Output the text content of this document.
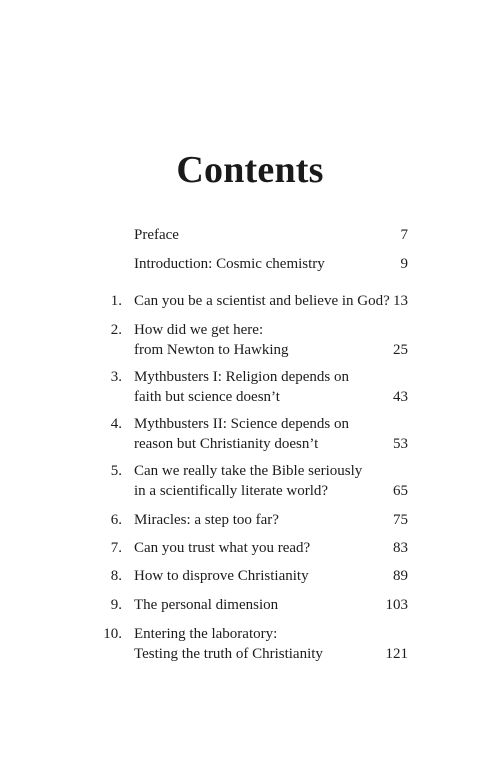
Contents
Preface	7
Introduction: Cosmic chemistry	9
1. Can you be a scientist and believe in God? 13
2. How did we get here:
from Newton to Hawking	25
3. Mythbusters I: Religion depends on
faith but science doesn’t	43
4. Mythbusters II: Science depends on
reason but Christianity doesn’t	53
5. Can we really take the Bible seriously
in a scientifically literate world?	65
6. Miracles: a step too far?	75
7. Can you trust what you read?	83
8. How to disprove Christianity	89
9. The personal dimension	103
10. Entering the laboratory:
Testing the truth of Christianity	121
